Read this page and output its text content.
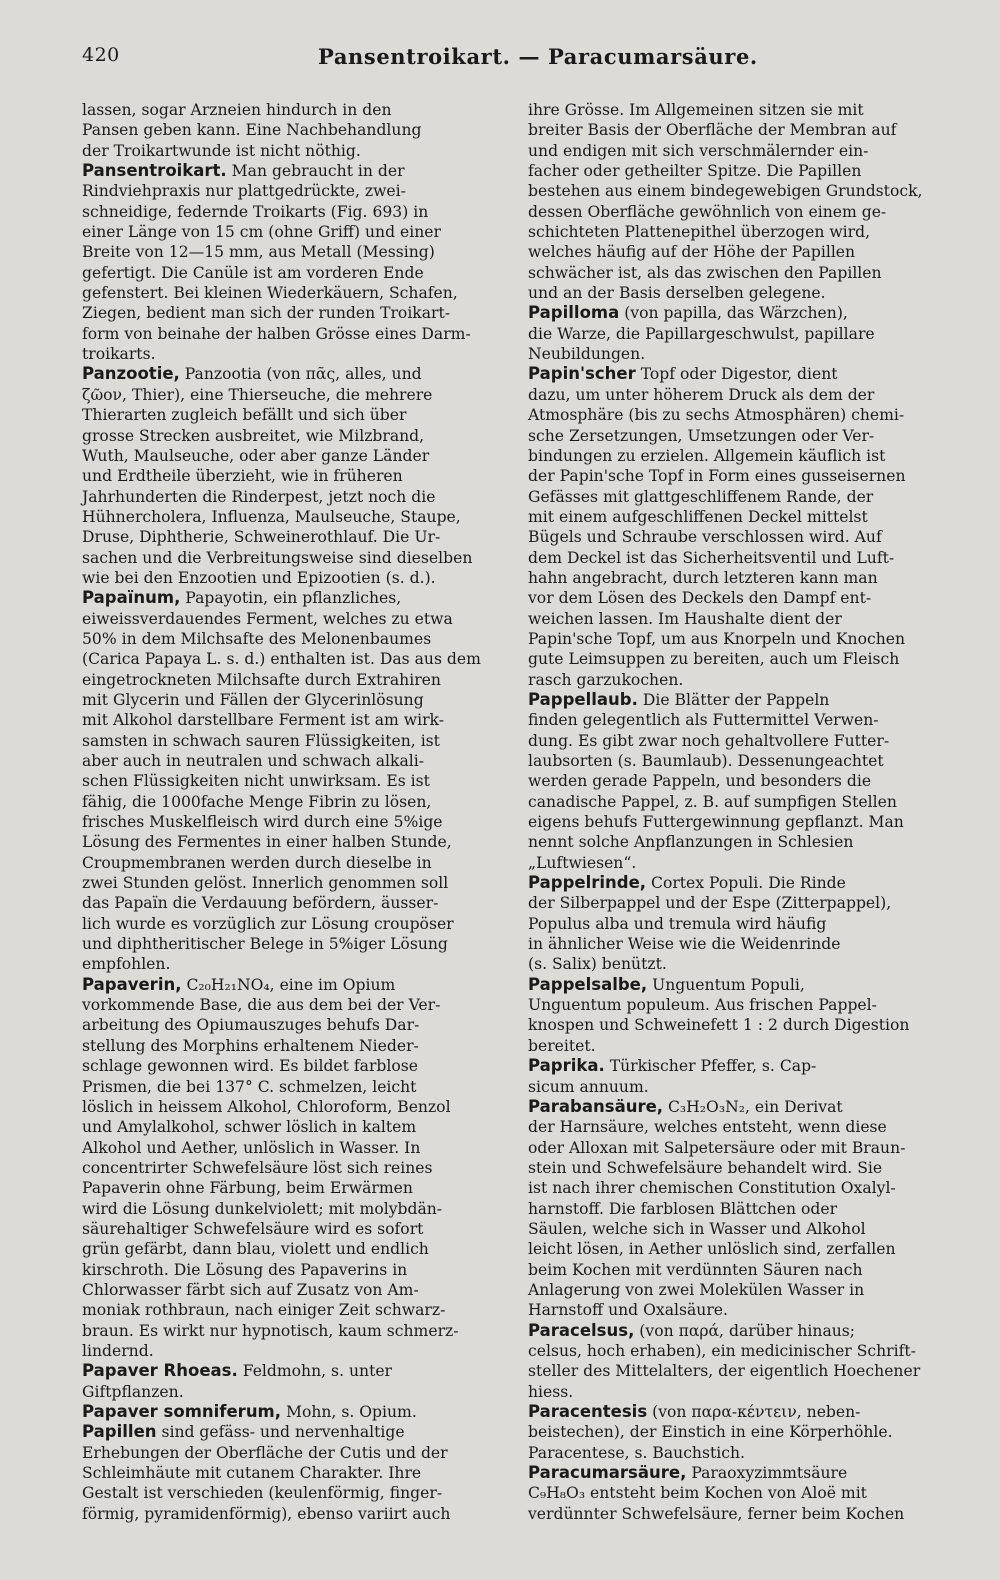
420	Pansentroikart. — Paracumarsäure.
lassen, sogar Arzneien hindurch in den
Pansen geben kann. Eine Nachbehandlung
der Troikartwunde ist nicht nöthig.
Pansentroikart. Man gebraucht in der
Rindviehpraxis nur plattgedrückte, zwei-
schneidige, federnde Troikarts (Fig. 693) in
einer Länge von 15 cm (ohne Griff) und einer
Breite von 12—15 mm, aus Metall (Messing)
gefertigt. Die Canüle ist am vorderen Ende
gefenstert. Bei kleinen Wiederkäuern, Schafen,
Ziegen, bedient man sich der runden Troikart-
form von beinahe der halben Grösse eines Darm-
troikarts.
Panzootie, Panzootia (von πᾶς, alles, und
ζῶον, Thier), eine Thierseuche, die mehrere
Thierarten zugleich befällt und sich über
grosse Strecken ausbreitet, wie Milzbrand,
Wuth, Maulseuche, oder aber ganze Länder
und Erdtheile überzieht, wie in früheren
Jahrhunderten die Rinderpest, jetzt noch die
Hühnercholera, Influenza, Maulseuche, Staupe,
Druse, Diphtherie, Schweinerothlauf. Die Ur-
sachen und die Verbreitungsweise sind dieselben
wie bei den Enzootien und Epizootien (s. d.).
Papaïnum, Papayotin, ein pflanzliches,
eiweissverdauendes Ferment, welches zu etwa
50% in dem Milchsafte des Melonenbaumes
(Carica Papaya L. s. d.) enthalten ist. Das aus dem
eingetrockneten Milchsafte durch Extrahiren
mit Glycerin und Fällen der Glycerinlösung
mit Alkohol darstellbare Ferment ist am wirk-
samsten in schwach sauren Flüssigkeiten, ist
aber auch in neutralen und schwach alkali-
schen Flüssigkeiten nicht unwirksam. Es ist
fähig, die 1000fache Menge Fibrin zu lösen,
frisches Muskelfleisch wird durch eine 5%ige
Lösung des Fermentes in einer halben Stunde,
Croupmembranen werden durch dieselbe in
zwei Stunden gelöst. Innerlich genommen soll
das Papaïn die Verdauung befördern, äusser-
lich wurde es vorzüglich zur Lösung croupöser
und diphtheritischer Belege in 5%iger Lösung
empfohlen.
Papaverin, C₂₀H₂₁NO₄, eine im Opium
vorkommende Base, die aus dem bei der Ver-
arbeitung des Opiumauszuges behufs Dar-
stellung des Morphins erhaltenem Nieder-
schlage gewonnen wird. Es bildet farblose
Prismen, die bei 137° C. schmelzen, leicht
löslich in heissem Alkohol, Chloroform, Benzol
und Amylalkohol, schwer löslich in kaltem
Alkohol und Aether, unlöslich in Wasser. In
concentrirter Schwefelsäure löst sich reines
Papaverin ohne Färbung, beim Erwärmen
wird die Lösung dunkelviolett; mit molybdän-
säurehaltiger Schwefelsäure wird es sofort
grün gefärbt, dann blau, violett und endlich
kirschroth. Die Lösung des Papaverins in
Chlorwasser färbt sich auf Zusatz von Am-
moniak rothbraun, nach einiger Zeit schwarz-
braun. Es wirkt nur hypnotisch, kaum schmerz-
lindernd.
Papaver Rhoeas. Feldmohn, s. unter
Giftpflanzen.
Papaver somniferum, Mohn, s. Opium.
Papillen sind gefäss- und nervenhaltige
Erhebungen der Oberfläche der Cutis und der
Schleimhäute mit cutanem Charakter. Ihre
Gestalt ist verschieden (keulenförmig, finger-
förmig, pyramidenförmig), ebenso variirt auch
ihre Grösse. Im Allgemeinen sitzen sie mit
breiter Basis der Oberfläche der Membran auf
und endigen mit sich verschmälernder ein-
facher oder getheilter Spitze. Die Papillen
bestehen aus einem bindegewebigen Grundstock,
dessen Oberfläche gewöhnlich von einem ge-
schichteten Plattenepithel überzogen wird,
welches häufig auf der Höhe der Papillen
schwächer ist, als das zwischen den Papillen
und an der Basis derselben gelegene.
Papilloma (von papilla, das Wärzchen),
die Warze, die Papillargeschwulst, papillare
Neubildungen.
Papin'scher Topf oder Digestor, dient
dazu, um unter höherem Druck als dem der
Atmosphäre (bis zu sechs Atmosphären) chemi-
sche Zersetzungen, Umsetzungen oder Ver-
bindungen zu erzielen. Allgemein käuflich ist
der Papin'sche Topf in Form eines gusseisernen
Gefässes mit glattgeschliffenem Rande, der
mit einem aufgeschliffenen Deckel mittelst
Bügels und Schraube verschlossen wird. Auf
dem Deckel ist das Sicherheitsventil und Luft-
hahn angebracht, durch letzteren kann man
vor dem Lösen des Deckels den Dampf ent-
weichen lassen. Im Haushalte dient der
Papin'sche Topf, um aus Knorpeln und Knochen
gute Leimsuppen zu bereiten, auch um Fleisch
rasch garzukochen.
Pappellaub. Die Blätter der Pappeln
finden gelegentlich als Futtermittel Verwen-
dung. Es gibt zwar noch gehaltvollere Futter-
laubsorten (s. Baumlaub). Dessenungeachtet
werden gerade Pappeln, und besonders die
canadische Pappel, z. B. auf sumpfigen Stellen
eigens behufs Futtergewinnung gepflanzt. Man
nennt solche Anpflanzungen in Schlesien
„Luftwiesen“.
Pappelrinde, Cortex Populi. Die Rinde
der Silberpappel und der Espe (Zitterpappel),
Populus alba und tremula wird häufig
in ähnlicher Weise wie die Weidenrinde
(s. Salix) benützt.
Pappelsalbe, Unguentum Populi,
Unguentum populeum. Aus frischen Pappel-
knospen und Schweinefett 1 : 2 durch Digestion
bereitet.
Paprika. Türkischer Pfeffer, s. Cap-
sicum annuum.
Parabansäure, C₃H₂O₃N₂, ein Derivat
der Harnsäure, welches entsteht, wenn diese
oder Alloxan mit Salpetersäure oder mit Braun-
stein und Schwefelsäure behandelt wird. Sie
ist nach ihrer chemischen Constitution Oxalyl-
harnstoff. Die farblosen Blättchen oder
Säulen, welche sich in Wasser und Alkohol
leicht lösen, in Aether unlöslich sind, zerfallen
beim Kochen mit verdünnten Säuren nach
Anlagerung von zwei Molekülen Wasser in
Harnstoff und Oxalsäure.
Paracelsus, (von παρά, darüber hinaus;
celsus, hoch erhaben), ein medicinischer Schrift-
steller des Mittelalters, der eigentlich Hoechener
hiess.
Paracentesis (von παρα-κέντειν, neben-
beistechen), der Einstich in eine Körperhöhle.
Paracentese, s. Bauchstich.
Paracumarsäure, Paraoxyzimmtsäure
C₉H₈O₃ entsteht beim Kochen von Aloë mit
verdünnter Schwefelsäure, ferner beim Kochen
